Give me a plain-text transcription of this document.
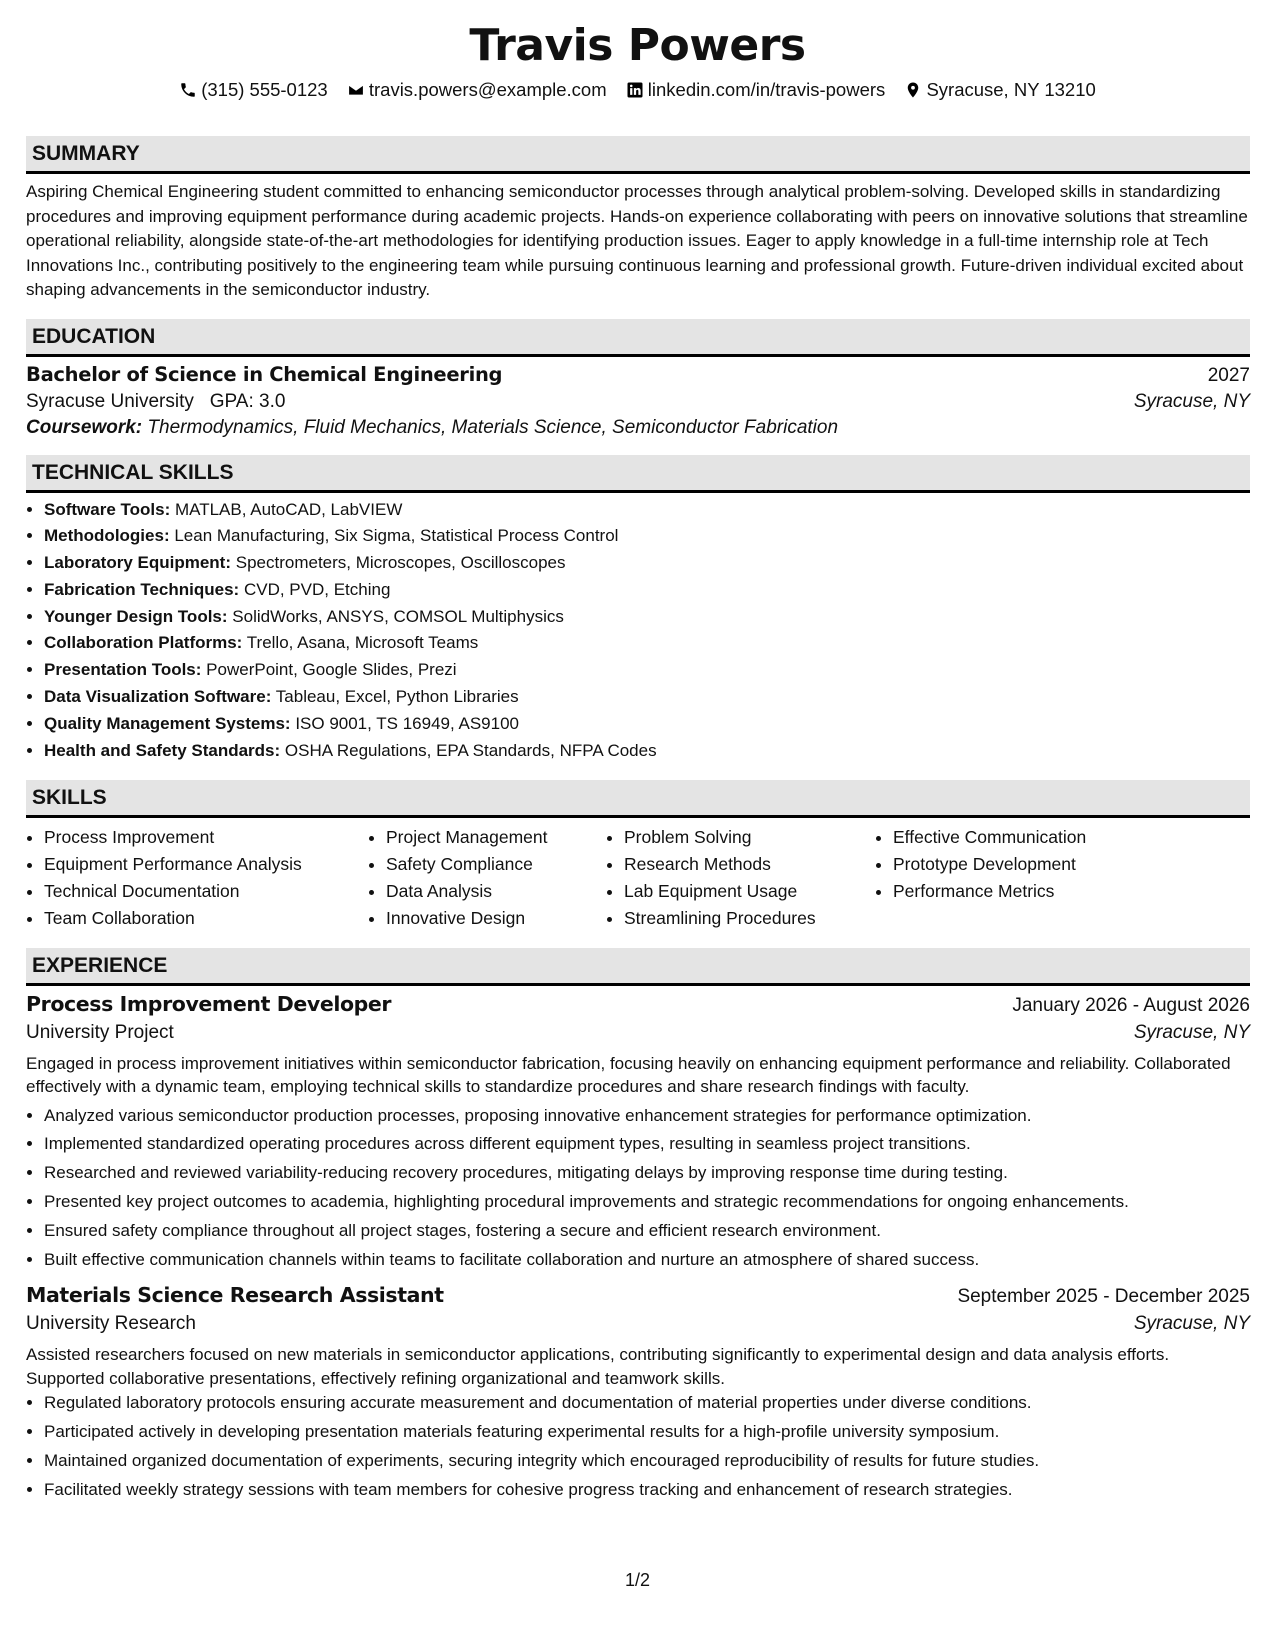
Travis Powers
(315) 555-0123
travis.powers@example.com
linkedin.com/in/travis-powers
Syracuse, NY 13210
SUMMARY
Aspiring Chemical Engineering student committed to enhancing semiconductor processes through analytical problem-solving. Developed skills in standardizing procedures and improving equipment performance during academic projects. Hands-on experience collaborating with peers on innovative solutions that streamline operational reliability, alongside state-of-the-art methodologies for identifying production issues. Eager to apply knowledge in a full-time internship role at Tech Innovations Inc., contributing positively to the engineering team while pursuing continuous learning and professional growth. Future-driven individual excited about shaping advancements in the semiconductor industry.
EDUCATION
Bachelor of Science in Chemical Engineering	2027
Syracuse University GPA: 3.0	Syracuse, NY
Coursework: Thermodynamics, Fluid Mechanics, Materials Science, Semiconductor Fabrication
TECHNICAL SKILLS
• Software Tools: MATLAB, AutoCAD, LabVIEW
• Methodologies: Lean Manufacturing, Six Sigma, Statistical Process Control
• Laboratory Equipment: Spectrometers, Microscopes, Oscilloscopes
• Fabrication Techniques: CVD, PVD, Etching
• Younger Design Tools: SolidWorks, ANSYS, COMSOL Multiphysics
• Collaboration Platforms: Trello, Asana, Microsoft Teams
• Presentation Tools: PowerPoint, Google Slides, Prezi
• Data Visualization Software: Tableau, Excel, Python Libraries
• Quality Management Systems: ISO 9001, TS 16949, AS9100
• Health and Safety Standards: OSHA Regulations, EPA Standards, NFPA Codes
SKILLS
• Process Improvement
• Equipment Performance Analysis
• Technical Documentation
• Team Collaboration
• Project Management
• Safety Compliance
• Data Analysis
• Innovative Design
• Problem Solving
• Research Methods
• Lab Equipment Usage
• Streamlining Procedures
• Effective Communication
• Prototype Development
• Performance Metrics
EXPERIENCE
Process Improvement Developer	January 2026 - August 2026
University Project	Syracuse, NY
Engaged in process improvement initiatives within semiconductor fabrication, focusing heavily on enhancing equipment performance and reliability. Collaborated effectively with a dynamic team, employing technical skills to standardize procedures and share research findings with faculty.
• Analyzed various semiconductor production processes, proposing innovative enhancement strategies for performance optimization.
• Implemented standardized operating procedures across different equipment types, resulting in seamless project transitions.
• Researched and reviewed variability-reducing recovery procedures, mitigating delays by improving response time during testing.
• Presented key project outcomes to academia, highlighting procedural improvements and strategic recommendations for ongoing enhancements.
• Ensured safety compliance throughout all project stages, fostering a secure and efficient research environment.
• Built effective communication channels within teams to facilitate collaboration and nurture an atmosphere of shared success.
Materials Science Research Assistant	September 2025 - December 2025
University Research	Syracuse, NY
Assisted researchers focused on new materials in semiconductor applications, contributing significantly to experimental design and data analysis efforts. Supported collaborative presentations, effectively refining organizational and teamwork skills.
• Regulated laboratory protocols ensuring accurate measurement and documentation of material properties under diverse conditions.
• Participated actively in developing presentation materials featuring experimental results for a high-profile university symposium.
• Maintained organized documentation of experiments, securing integrity which encouraged reproducibility of results for future studies.
• Facilitated weekly strategy sessions with team members for cohesive progress tracking and enhancement of research strategies.
1/2
